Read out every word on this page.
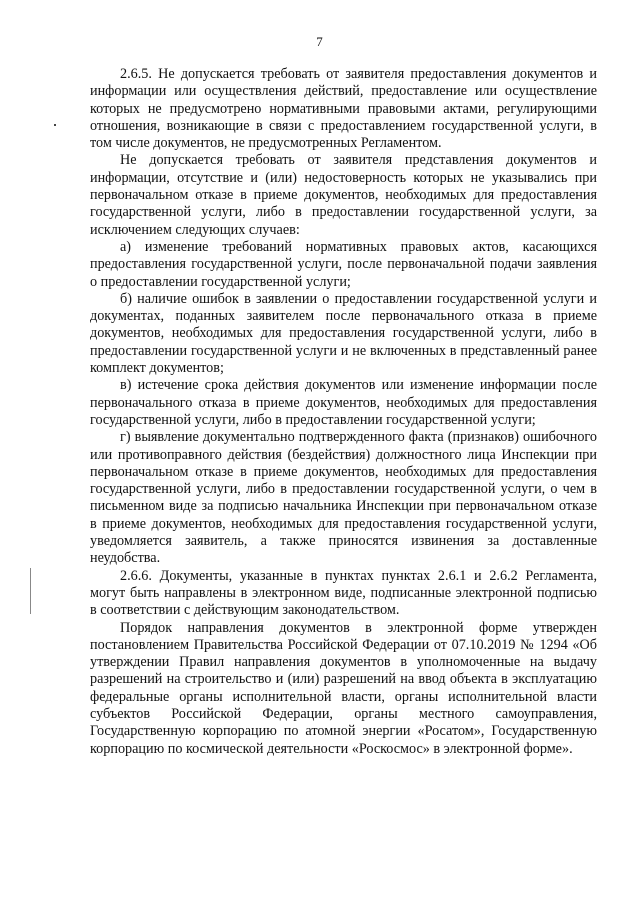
7

2.6.5. Не допускается требовать от заявителя предоставления документов и информации или осуществления действий, предоставление или осуществление которых не предусмотрено нормативными правовыми актами, регулирующими отношения, возникающие в связи с предоставлением государственной услуги, в том числе документов, не предусмотренных Регламентом.

Не допускается требовать от заявителя представления документов и информации, отсутствие и (или) недостоверность которых не указывались при первоначальном отказе в приеме документов, необходимых для предоставления государственной услуги, либо в предоставлении государственной услуги, за исключением следующих случаев:

а) изменение требований нормативных правовых актов, касающихся предоставления государственной услуги, после первоначальной подачи заявления о предоставлении государственной услуги;

б) наличие ошибок в заявлении о предоставлении государственной услуги и документах, поданных заявителем после первоначального отказа в приеме документов, необходимых для предоставления государственной услуги, либо в предоставлении государственной услуги и не включенных в представленный ранее комплект документов;

в) истечение срока действия документов или изменение информации после первоначального отказа в приеме документов, необходимых для предоставления государственной услуги, либо в предоставлении государственной услуги;

г) выявление документально подтвержденного факта (признаков) ошибочного или противоправного действия (бездействия) должностного лица Инспекции при первоначальном отказе в приеме документов, необходимых для предоставления государственной услуги, либо в предоставлении государственной услуги, о чем в письменном виде за подписью начальника Инспекции при первоначальном отказе в приеме документов, необходимых для предоставления государственной услуги, уведомляется заявитель, а также приносятся извинения за доставленные неудобства.

2.6.6. Документы, указанные в пунктах пунктах 2.6.1 и 2.6.2 Регламента, могут быть направлены в электронном виде, подписанные электронной подписью в соответствии с действующим законодательством.

Порядок направления документов в электронной форме утвержден постановлением Правительства Российской Федерации от 07.10.2019 № 1294 «Об утверждении Правил направления документов в уполномоченные на выдачу разрешений на строительство и (или) разрешений на ввод объекта в эксплуатацию федеральные органы исполнительной власти, органы исполнительной власти субъектов Российской Федерации, органы местного самоуправления, Государственную корпорацию по атомной энергии «Росатом», Государственную корпорацию по космической деятельности «Роскосмос» в электронной форме».
